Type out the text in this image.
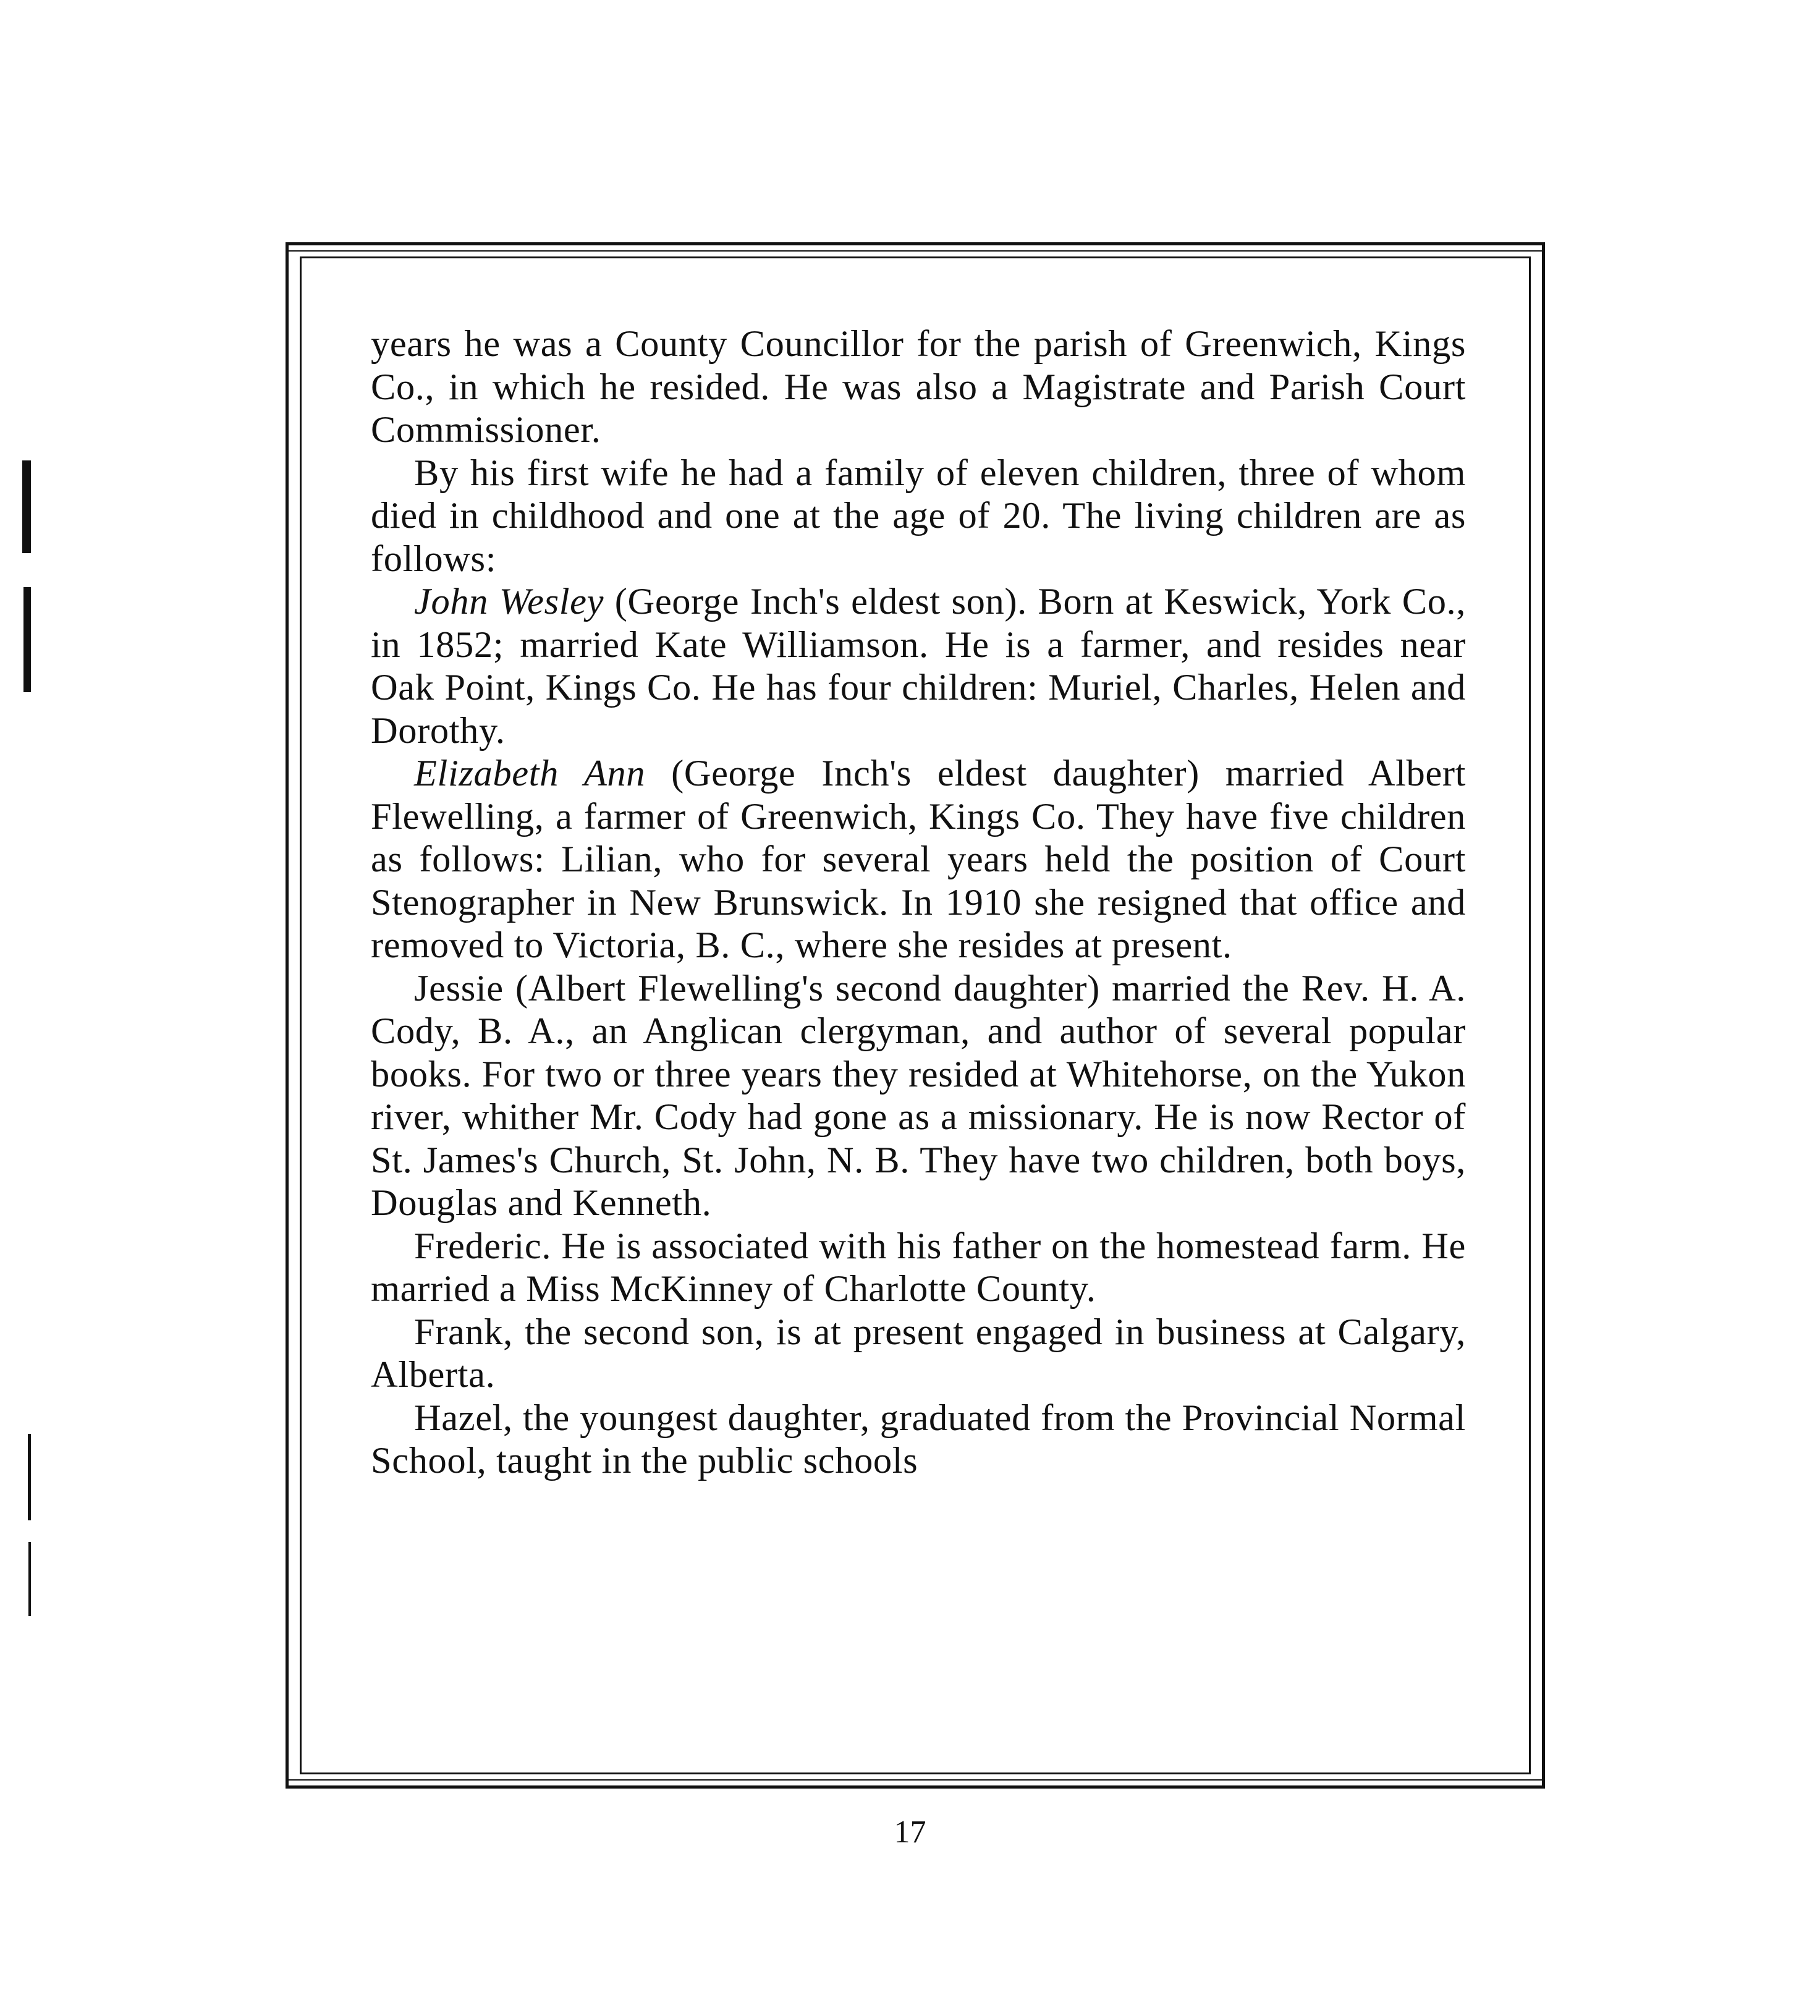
years he was a County Councillor for the parish of Greenwich, Kings Co., in which he resided. He was also a Magistrate and Parish Court Commissioner.

By his first wife he had a family of eleven children, three of whom died in childhood and one at the age of 20. The living children are as follows:

John Wesley (George Inch's eldest son). Born at Keswick, York Co., in 1852; married Kate Williamson. He is a farmer, and resides near Oak Point, Kings Co. He has four children: Muriel, Charles, Helen and Dorothy.

Elizabeth Ann (George Inch's eldest daughter) married Albert Flewelling, a farmer of Greenwich, Kings Co. They have five children as follows: Lilian, who for several years held the position of Court Stenographer in New Brunswick. In 1910 she resigned that office and removed to Victoria, B. C., where she resides at present.

Jessie (Albert Flewelling's second daughter) married the Rev. H. A. Cody, B. A., an Anglican clergyman, and author of several popular books. For two or three years they resided at Whitehorse, on the Yukon river, whither Mr. Cody had gone as a missionary. He is now Rector of St. James's Church, St. John, N. B. They have two children, both boys, Douglas and Kenneth.

Frederic. He is associated with his father on the homestead farm. He married a Miss McKinney of Charlotte County.

Frank, the second son, is at present engaged in business at Calgary, Alberta.

Hazel, the youngest daughter, graduated from the Provincial Normal School, taught in the public schools

17
